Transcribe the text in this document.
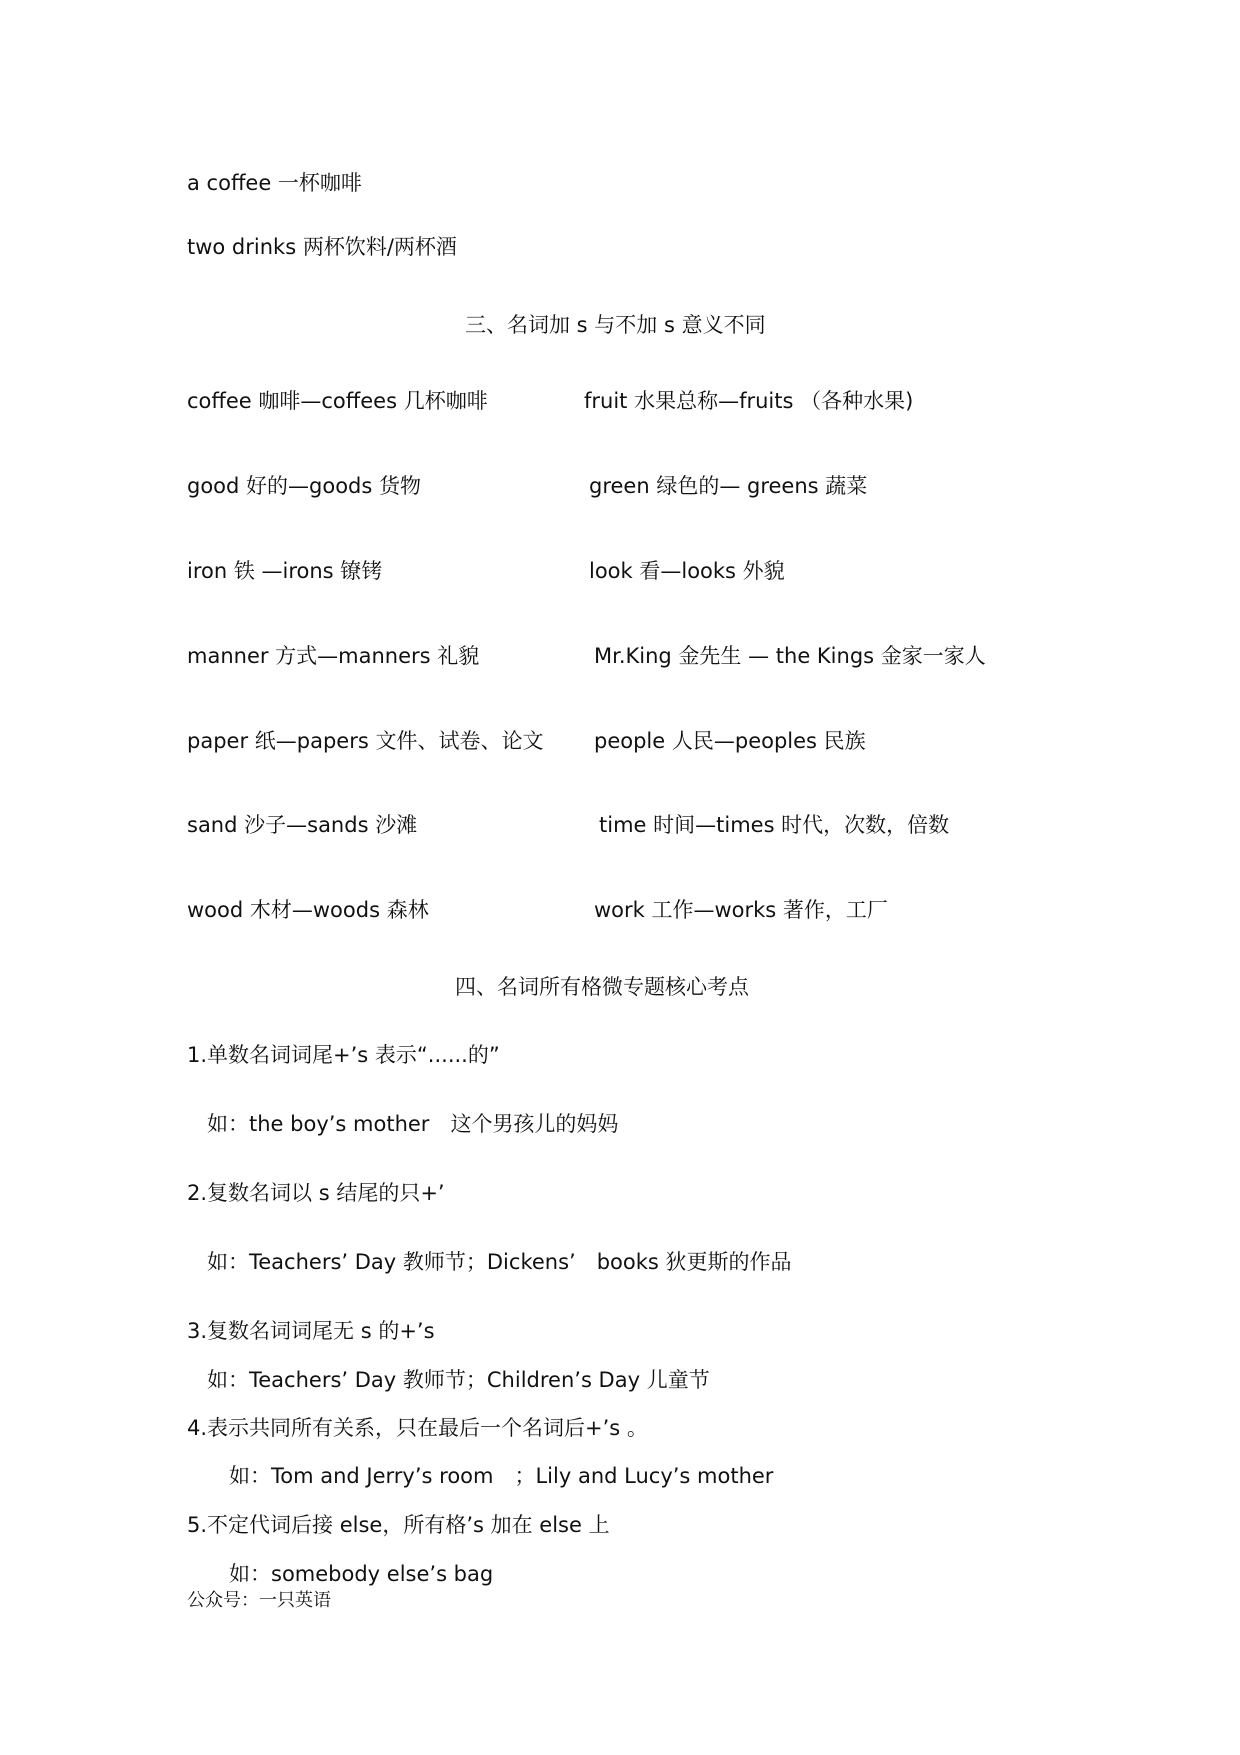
a coffee 一杯咖啡
two drinks 两杯饮料/两杯酒
三、名词加 s 与不加 s 意义不同
coffee 咖啡—coffees 几杯咖啡	fruit 水果总称—fruits （各种水果)
good 好的—goods 货物	green 绿色的— greens 蔬菜
iron 铁 —irons 镣铐	look 看—looks 外貌
manner 方式—manners 礼貌	Mr.King 金先生 — the Kings 金家一家人
paper 纸—papers 文件、试卷、论文 people 人民—peoples 民族
sand 沙子—sands 沙滩	time 时间—times 时代，次数，倍数
wood 木材—woods 森林	work 工作—works 著作，工厂
四、名词所有格微专题核心考点
1.单数名词词尾+’s 表示“......的”
如：the boy’s mother　这个男孩儿的妈妈
2.复数名词以 s 结尾的只+’
如：Teachers’ Day 教师节；Dickens’　books 狄更斯的作品
3.复数名词词尾无 s 的+’s
如：Teachers’ Day 教师节；Children’s Day 儿童节
4.表示共同所有关系，只在最后一个名词后+’s 。
如：Tom and Jerry’s room　；Lily and Lucy’s mother
5.不定代词后接 else，所有格’s 加在 else 上
如：somebody else’s bag
公众号：一只英语
